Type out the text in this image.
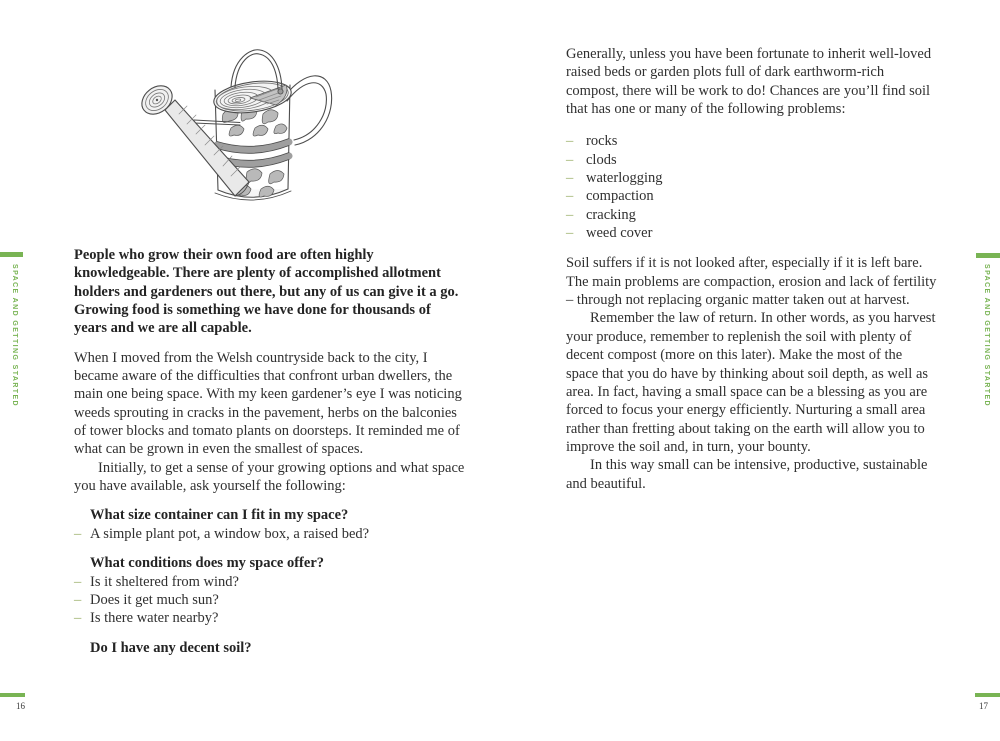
SPACE AND GETTING STARTED
16
SPACE AND GETTING STARTED
17

People who grow their own food are often highly knowledgeable. There are plenty of accomplished allotment holders and gardeners out there, but any of us can give it a go. Growing food is something we have done for thousands of years and we are all capable.

When I moved from the Welsh countryside back to the city, I became aware of the difficulties that confront urban dwellers, the main one being space. With my keen gardener’s eye I was noticing weeds sprouting in cracks in the pavement, herbs on the balconies of tower blocks and tomato plants on doorsteps. It reminded me of what can be grown in even the smallest of spaces.

Initially, to get a sense of your growing options and what space you have available, ask yourself the following:

What size container can I fit in my space?

– A simple plant pot, a window box, a raised bed?

What conditions does my space offer?

– Is it sheltered from wind?
– Does it get much sun?
– Is there water nearby?

Do I have any decent soil?

Generally, unless you have been fortunate to inherit well-loved raised beds or garden plots full of dark earthworm-rich compost, there will be work to do! Chances are you’ll find soil that has one or many of the following problems:

– rocks
– clods
– waterlogging
– compaction
– cracking
– weed cover

Soil suffers if it is not looked after, especially if it is left bare. The main problems are compaction, erosion and lack of fertility – through not replacing organic matter taken out at harvest.

Remember the law of return. In other words, as you harvest your produce, remember to replenish the soil with plenty of decent compost (more on this later). Make the most of the space that you do have by thinking about soil depth, as well as area. In fact, having a small space can be a blessing as you are forced to focus your energy efficiently. Nurturing a small area rather than fretting about taking on the earth will allow you to improve the soil and, in turn, your bounty.

In this way small can be intensive, productive, sustainable and beautiful.
